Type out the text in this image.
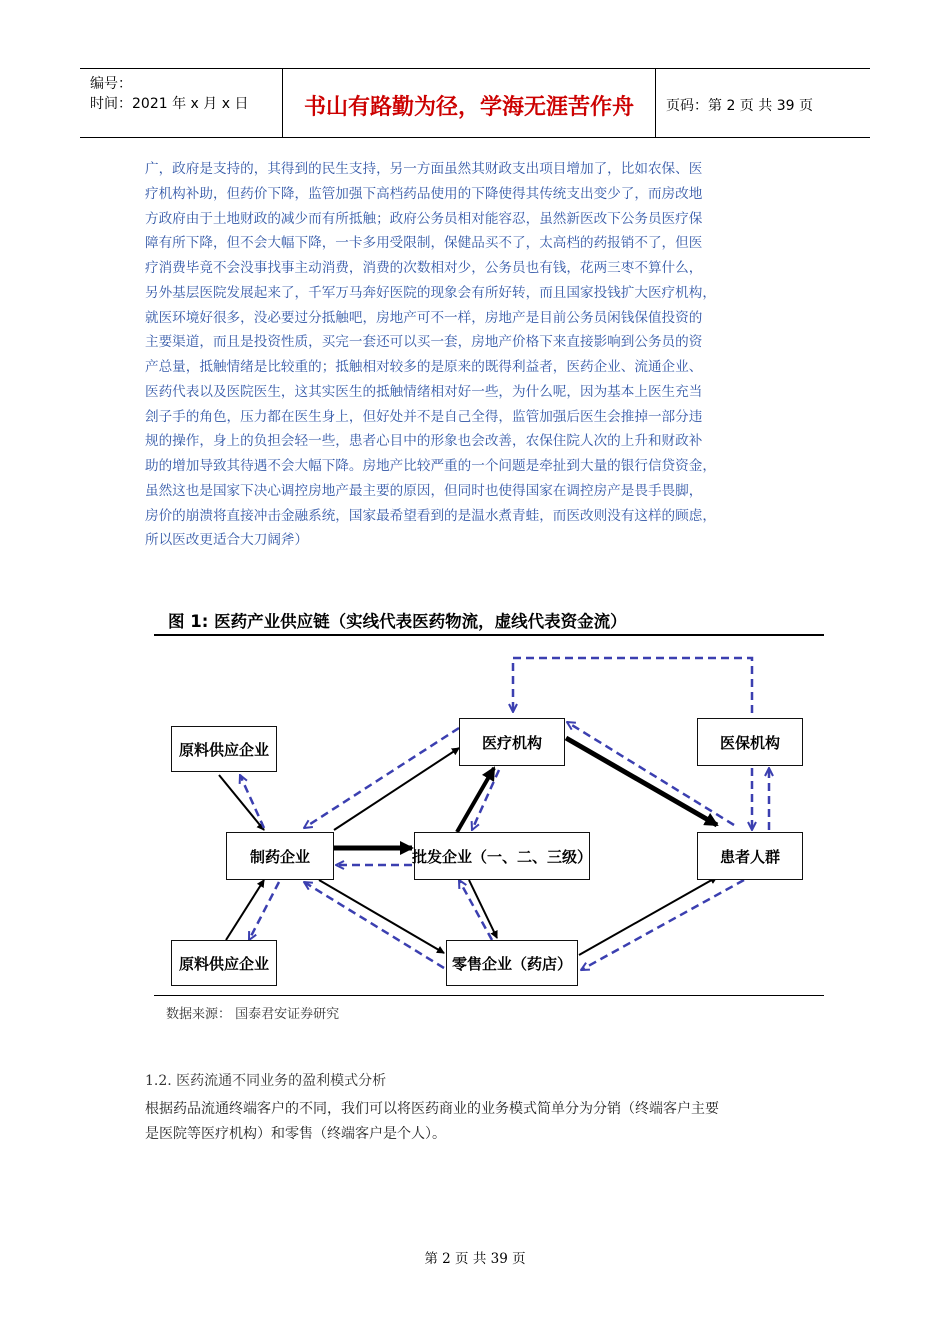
编号：
时间：2021 年 x 月 x 日	书山有路勤为径，学海无涯苦作舟	页码：第 2 页 共 39 页
广，政府是支持的，其得到的民生支持，另一方面虽然其财政支出项目增加了，比如农保、医
疗机构补助，但药价下降，监管加强下高档药品使用的下降使得其传统支出变少了，而房改地
方政府由于土地财政的减少而有所抵触；政府公务员相对能容忍，虽然新医改下公务员医疗保
障有所下降，但不会大幅下降，一卡多用受限制，保健品买不了，太高档的药报销不了，但医
疗消费毕竟不会没事找事主动消费，消费的次数相对少，公务员也有钱，花两三枣不算什么，
另外基层医院发展起来了，千军万马奔好医院的现象会有所好转，而且国家投钱扩大医疗机构，
就医环境好很多，没必要过分抵触吧，房地产可不一样，房地产是目前公务员闲钱保值投资的
主要渠道，而且是投资性质，买完一套还可以买一套，房地产价格下来直接影响到公务员的资
产总量，抵触情绪是比较重的；抵触相对较多的是原来的既得利益者，医药企业、流通企业、
医药代表以及医院医生，这其实医生的抵触情绪相对好一些，为什么呢，因为基本上医生充当
刽子手的角色，压力都在医生身上，但好处并不是自己全得，监管加强后医生会推掉一部分违
规的操作，身上的负担会轻一些，患者心目中的形象也会改善，农保住院人次的上升和财政补
助的增加导致其待遇不会大幅下降。房地产比较严重的一个问题是牵扯到大量的银行信贷资金，
虽然这也是国家下决心调控房地产最主要的原因，但同时也使得国家在调控房产是畏手畏脚，
房价的崩溃将直接冲击金融系统，国家最希望看到的是温水煮青蛙，而医改则没有这样的顾虑，
所以医改更适合大刀阔斧）
图 1: 医药产业供应链（实线代表医药物流，虚线代表资金流）
原料供应企业
制药企业
原料供应企业
医疗机构
批发企业（一、二、三级）
零售企业（药店）
医保机构
患者人群
数据来源： 国泰君安证券研究
1.2. 医药流通不同业务的盈利模式分析
根据药品流通终端客户的不同，我们可以将医药商业的业务模式简单分为分销（终端客户主要
是医院等医疗机构）和零售（终端客户是个人）。
第 2 页 共 39 页
